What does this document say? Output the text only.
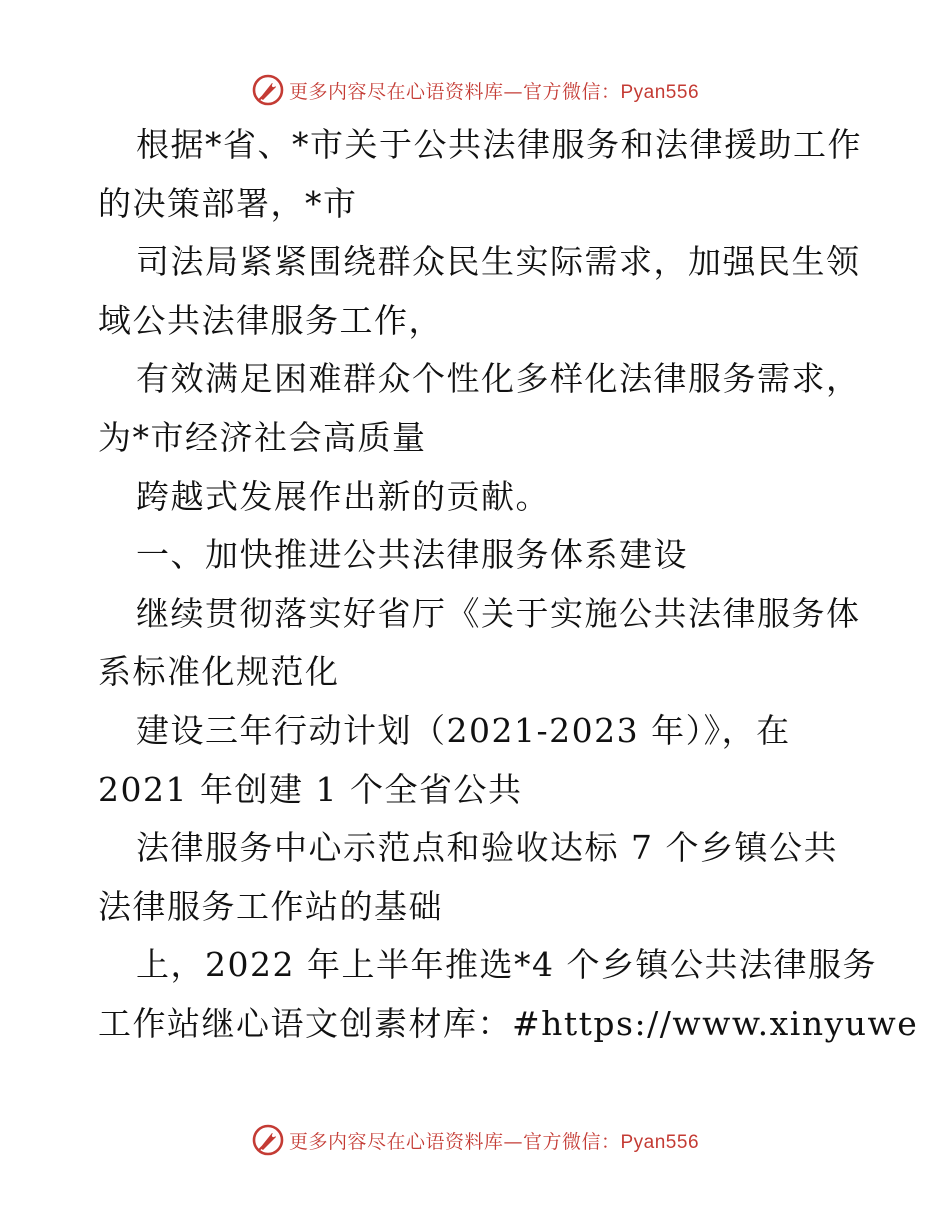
更多内容尽在心语资料库—官方微信：Pyan556
根据*省、*市关于公共法律服务和法律援助工作
的决策部署，*市
司法局紧紧围绕群众民生实际需求，加强民生领
域公共法律服务工作，
有效满足困难群众个性化多样化法律服务需求，
为*市经济社会高质量
跨越式发展作出新的贡献。
一、加快推进公共法律服务体系建设
继续贯彻落实好省厅《关于实施公共法律服务体
系标准化规范化
建设三年行动计划（2021-2023 年）》，在
2021 年创建 1 个全省公共
法律服务中心示范点和验收达标 7 个乡镇公共
法律服务工作站的基础
上，2022 年上半年推选*4 个乡镇公共法律服务
工作站继心语文创素材库：#https://www.xinyuwe
更多内容尽在心语资料库—官方微信：Pyan556
